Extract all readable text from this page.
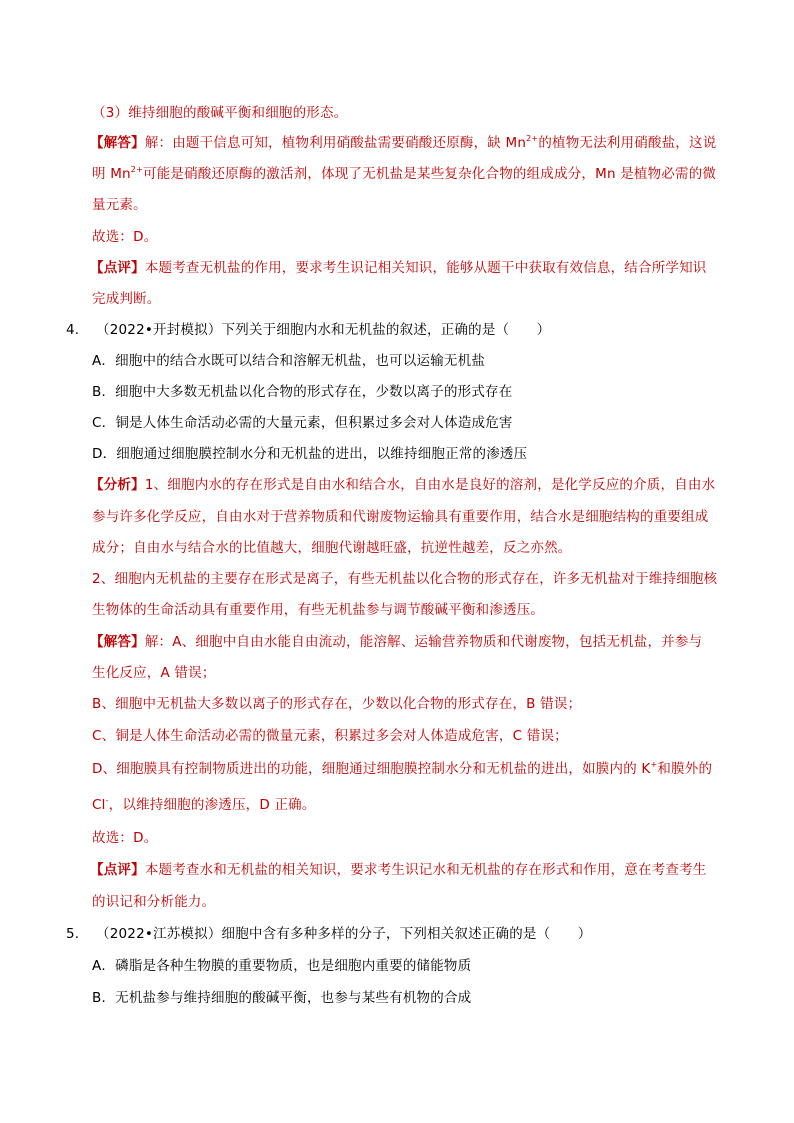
（3）维持细胞的酸碱平衡和细胞的形态。
【解答】解：由题干信息可知，植物利用硝酸盐需要硝酸还原酶，缺 $Mn^{2+}$的植物无法利用硝酸盐，这说
明 $Mn^{2+}$可能是硝酸还原酶的激活剂，体现了无机盐是某些复杂化合物的组成成分，Mn 是植物必需的微
量元素。
故选：D。
【点评】本题考查无机盐的作用，要求考生识记相关知识，能够从题干中获取有效信息，结合所学知识
完成判断。
4. （2022•开封模拟）下列关于细胞内水和无机盐的叙述，正确的是（　　）
A．细胞中的结合水既可以结合和溶解无机盐，也可以运输无机盐
B．细胞中大多数无机盐以化合物的形式存在，少数以离子的形式存在
C．铜是人体生命活动必需的大量元素，但积累过多会对人体造成危害
D．细胞通过细胞膜控制水分和无机盐的进出，以维持细胞正常的渗透压
【分析】1、细胞内水的存在形式是自由水和结合水，自由水是良好的溶剂，是化学反应的介质，自由水
参与许多化学反应，自由水对于营养物质和代谢废物运输具有重要作用，结合水是细胞结构的重要组成
成分；自由水与结合水的比值越大，细胞代谢越旺盛，抗逆性越差，反之亦然。
2、细胞内无机盐的主要存在形式是离子，有些无机盐以化合物的形式存在，许多无机盐对于维持细胞核
生物体的生命活动具有重要作用，有些无机盐参与调节酸碱平衡和渗透压。
【解答】解：A、细胞中自由水能自由流动，能溶解、运输营养物质和代谢废物，包括无机盐，并参与
生化反应，A 错误；
B、细胞中无机盐大多数以离子的形式存在，少数以化合物的形式存在，B 错误；
C、铜是人体生命活动必需的微量元素，积累过多会对人体造成危害，C 错误；
D、细胞膜具有控制物质进出的功能，细胞通过细胞膜控制水分和无机盐的进出，如膜内的 K+和膜外的
Cl-，以维持细胞的渗透压，D 正确。
故选：D。
【点评】本题考查水和无机盐的相关知识，要求考生识记水和无机盐的存在形式和作用，意在考查考生
的识记和分析能力。
5. （2022•江苏模拟）细胞中含有多种多样的分子，下列相关叙述正确的是（　　）
A．磷脂是各种生物膜的重要物质，也是细胞内重要的储能物质
B．无机盐参与维持细胞的酸碱平衡，也参与某些有机物的合成
